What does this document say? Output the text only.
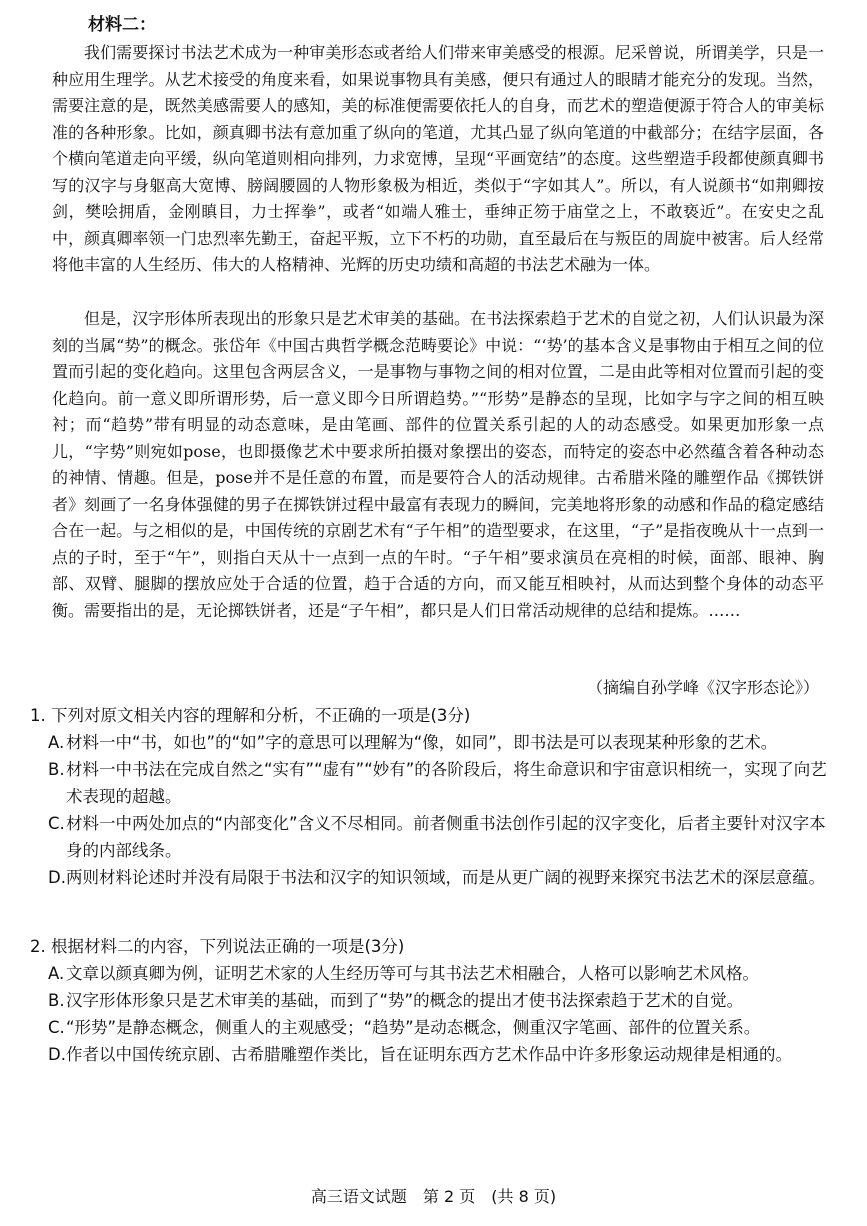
材料二：

我们需要探讨书法艺术成为一种审美形态或者给人们带来审美感受的根源。尼采曾说，所谓美学，只是一种应用生理学。从艺术接受的角度来看，如果说事物具有美感，便只有通过人的眼睛才能充分的发现。当然，需要注意的是，既然美感需要人的感知，美的标准便需要依托人的自身，而艺术的塑造便源于符合人的审美标准的各种形象。比如，颜真卿书法有意加重了纵向的笔道，尤其凸显了纵向笔道的中截部分；在结字层面，各个横向笔道走向平缓，纵向笔道则相向排列，力求宽博，呈现“平画宽结”的态度。这些塑造手段都使颜真卿书写的汉字与身躯高大宽博、膀阔腰圆的人物形象极为相近，类似于“字如其人”。所以，有人说颜书“如荆卿按剑，樊哙拥盾，金刚瞋目，力士挥拳”，或者“如端人雅士，垂绅正笏于庙堂之上，不敢亵近”。在安史之乱中，颜真卿率领一门忠烈率先勤王，奋起平叛，立下不朽的功勋，直至最后在与叛臣的周旋中被害。后人经常将他丰富的人生经历、伟大的人格精神、光辉的历史功绩和高超的书法艺术融为一体。

但是，汉字形体所表现出的形象只是艺术审美的基础。在书法探索趋于艺术的自觉之初，人们认识最为深刻的当属“势”的概念。张岱年《中国古典哲学概念范畴要论》中说：“‘势’的基本含义是事物由于相互之间的位置而引起的变化趋向。这里包含两层含义，一是事物与事物之间的相对位置，二是由此等相对位置而引起的变化趋向。前一意义即所谓形势，后一意义即今日所谓趋势。”“形势”是静态的呈现，比如字与字之间的相互映衬；而“趋势”带有明显的动态意味，是由笔画、部件的位置关系引起的人的动态感受。如果更加形象一点儿，“字势”则宛如pose，也即摄像艺术中要求所拍摄对象摆出的姿态，而特定的姿态中必然蕴含着各种动态的神情、情趣。但是，pose并不是任意的布置，而是要符合人的活动规律。古希腊米隆的雕塑作品《掷铁饼者》刻画了一名身体强健的男子在掷铁饼过程中最富有表现力的瞬间，完美地将形象的动感和作品的稳定感结合在一起。与之相似的是，中国传统的京剧艺术有“子午相”的造型要求，在这里，“子”是指夜晚从十一点到一点的子时，至于“午”，则指白天从十一点到一点的午时。“子午相”要求演员在亮相的时候，面部、眼神、胸部、双臂、腿脚的摆放应处于合适的位置，趋于合适的方向，而又能互相映衬，从而达到整个身体的动态平衡。需要指出的是，无论掷铁饼者，还是“子午相”，都只是人们日常活动规律的总结和提炼。……

（摘编自孙学峰《汉字形态论》）

1. 下列对原文相关内容的理解和分析，不正确的一项是(3分)

A. 材料一中“书，如也”的“如”字的意思可以理解为“像，如同”，即书法是可以表现某种形象的艺术。

B.材料一中书法在完成自然之“实有”“虚有”“妙有”的各阶段后，将生命意识和宇宙意识相统一，实现了向艺术表现的超越。

C.材料一中两处加点的“内部变化”含义不尽相同。前者侧重书法创作引起的汉字变化，后者主要针对汉字本身的内部线条。

D.两则材料论述时并没有局限于书法和汉字的知识领域，而是从更广阔的视野来探究书法艺术的深层意蕴。

2. 根据材料二的内容，下列说法正确的一项是(3分)

A. 文章以颜真卿为例，证明艺术家的人生经历等可与其书法艺术相融合，人格可以影响艺术风格。

B.汉字形体形象只是艺术审美的基础，而到了“势”的概念的提出才使书法探索趋于艺术的自觉。

C.“形势”是静态概念，侧重人的主观感受；“趋势”是动态概念，侧重汉字笔画、部件的位置关系。

D.作者以中国传统京剧、古希腊雕塑作类比，旨在证明东西方艺术作品中许多形象运动规律是相通的。

高三语文试题　第 2 页　(共 8 页)
